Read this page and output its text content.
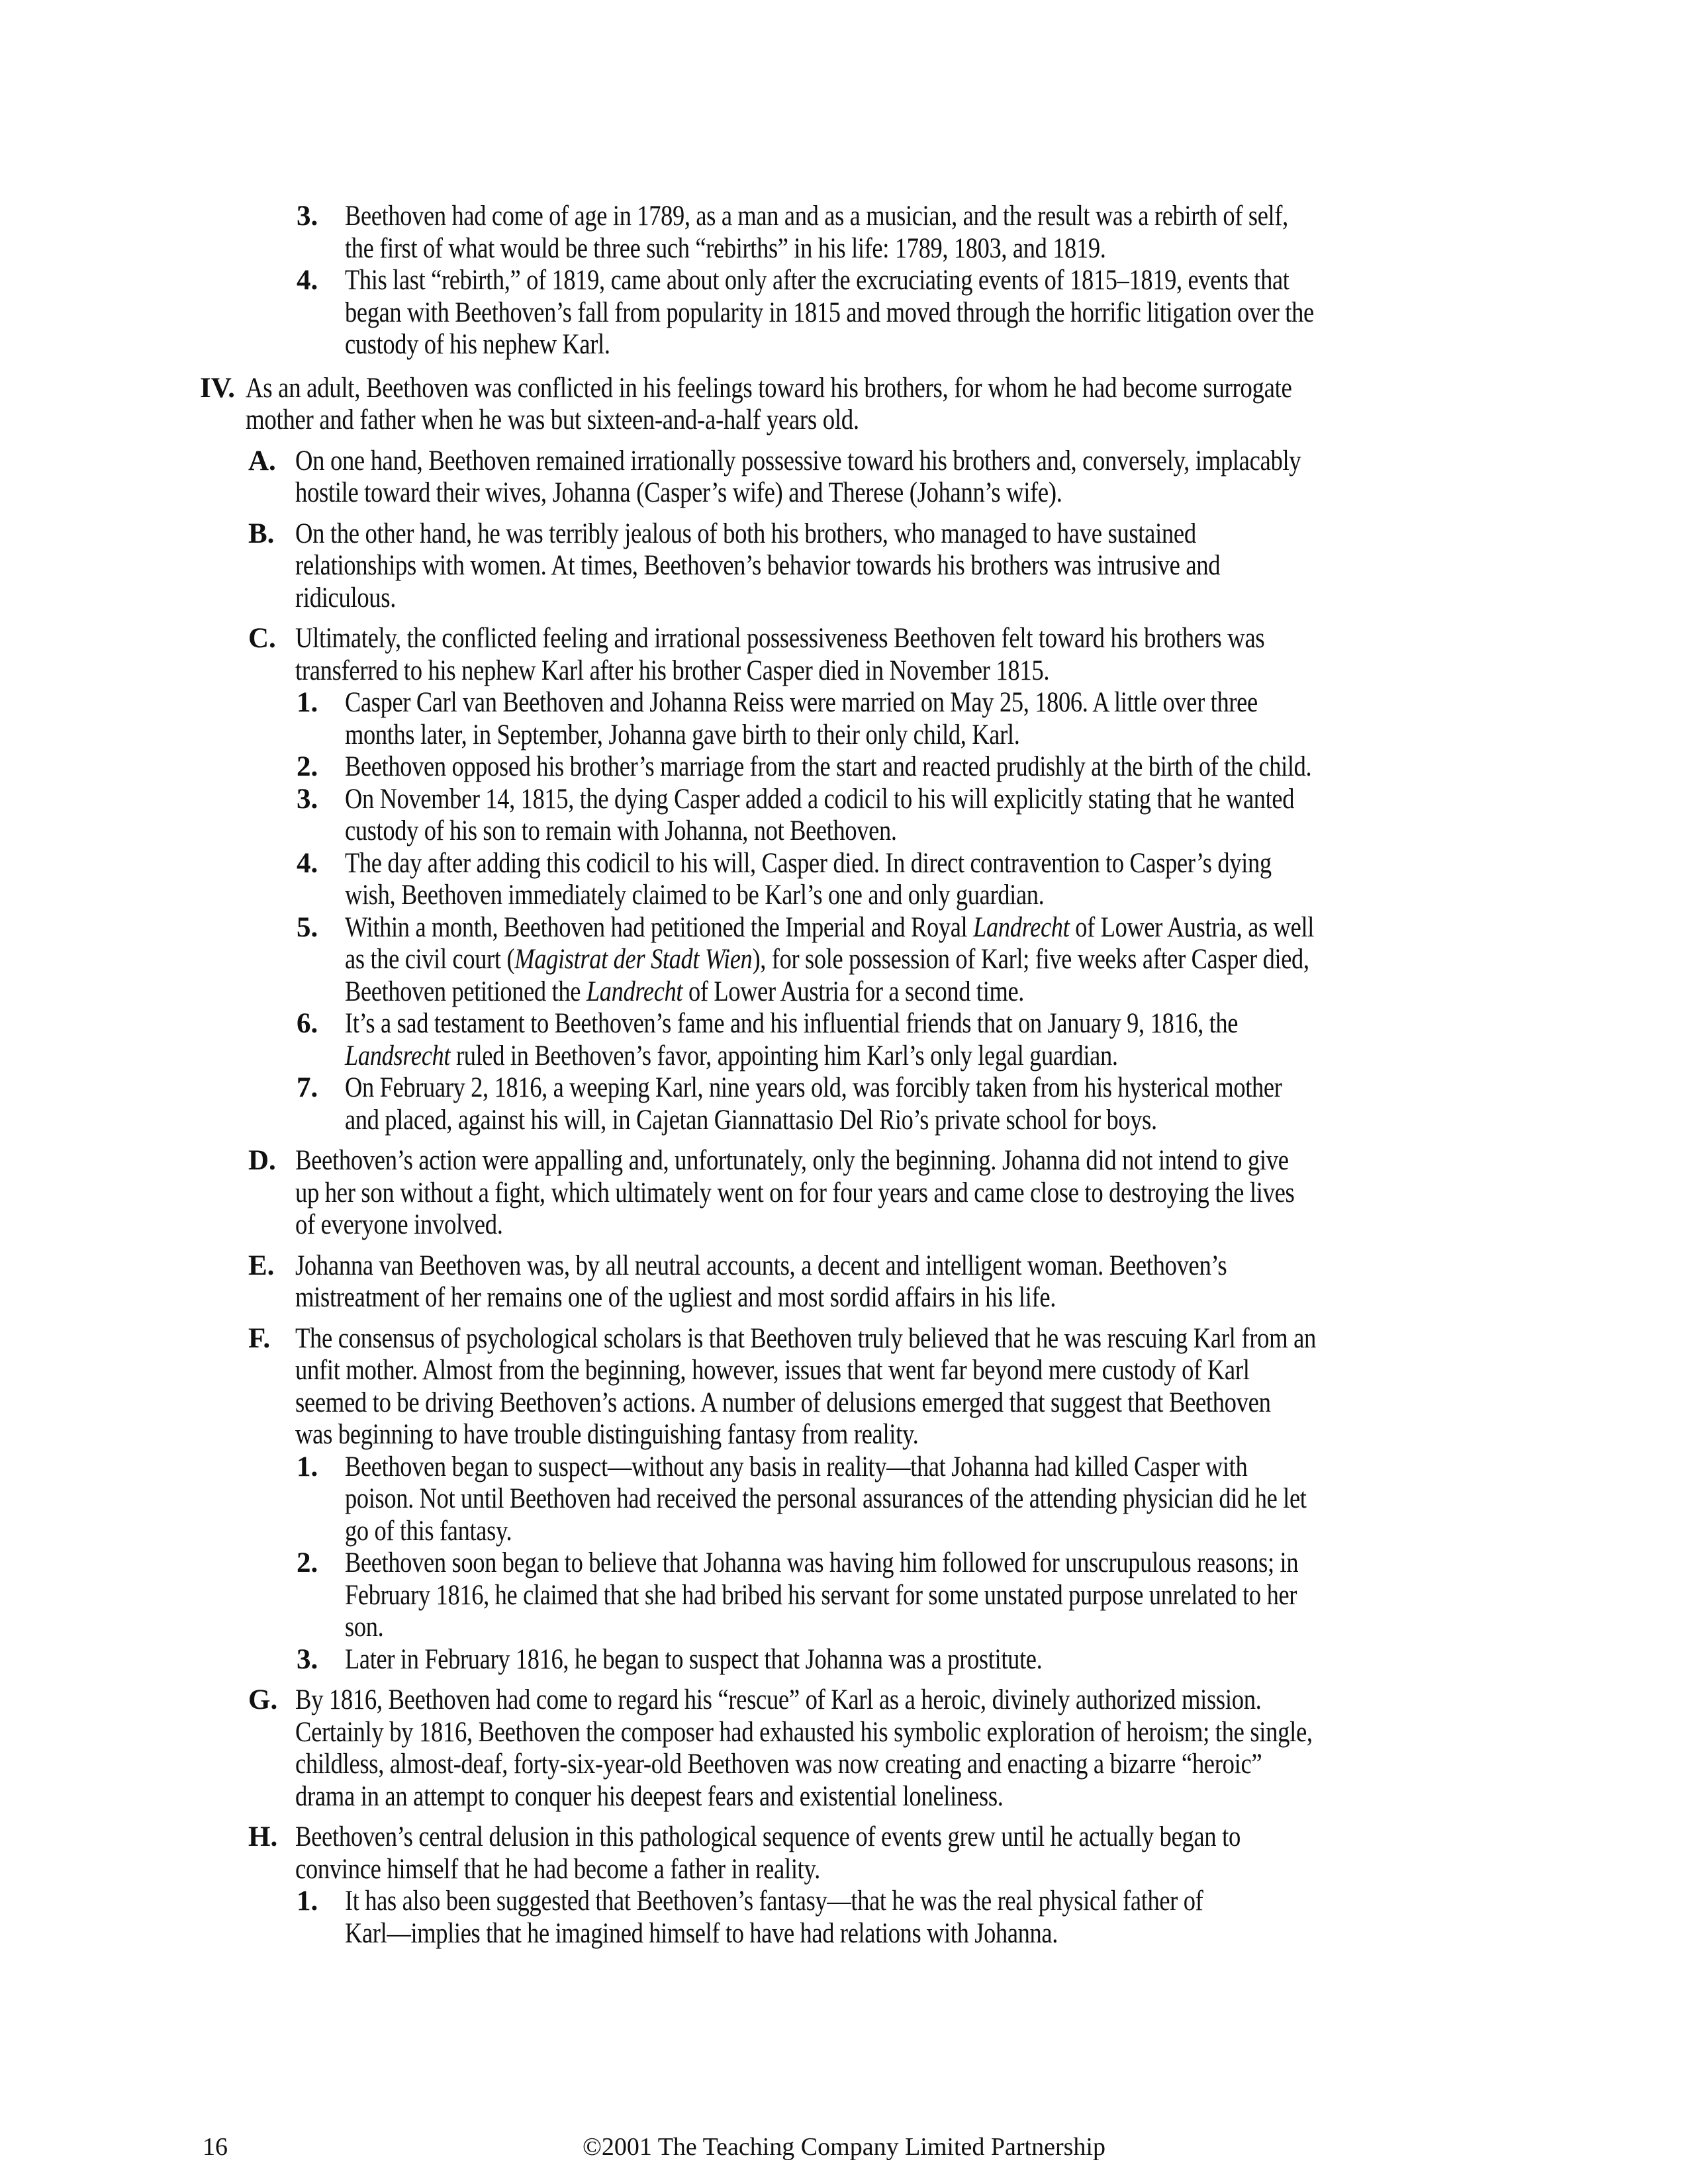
3. Beethoven had come of age in 1789, as a man and as a musician, and the result was a rebirth of self,
the first of what would be three such “rebirths” in his life: 1789, 1803, and 1819.
4. This last “rebirth,” of 1819, came about only after the excruciating events of 1815–1819, events that
began with Beethoven’s fall from popularity in 1815 and moved through the horrific litigation over the
custody of his nephew Karl.
IV. As an adult, Beethoven was conflicted in his feelings toward his brothers, for whom he had become surrogate
mother and father when he was but sixteen-and-a-half years old.
A. On one hand, Beethoven remained irrationally possessive toward his brothers and, conversely, implacably
hostile toward their wives, Johanna (Casper’s wife) and Therese (Johann’s wife).
B. On the other hand, he was terribly jealous of both his brothers, who managed to have sustained
relationships with women. At times, Beethoven’s behavior towards his brothers was intrusive and
ridiculous.
C. Ultimately, the conflicted feeling and irrational possessiveness Beethoven felt toward his brothers was
transferred to his nephew Karl after his brother Casper died in November 1815.
1. Casper Carl van Beethoven and Johanna Reiss were married on May 25, 1806. A little over three
months later, in September, Johanna gave birth to their only child, Karl.
2. Beethoven opposed his brother’s marriage from the start and reacted prudishly at the birth of the child.
3. On November 14, 1815, the dying Casper added a codicil to his will explicitly stating that he wanted
custody of his son to remain with Johanna, not Beethoven.
4. The day after adding this codicil to his will, Casper died. In direct contravention to Casper’s dying
wish, Beethoven immediately claimed to be Karl’s one and only guardian.
5. Within a month, Beethoven had petitioned the Imperial and Royal Landrecht of Lower Austria, as well
as the civil court (Magistrat der Stadt Wien), for sole possession of Karl; five weeks after Casper died,
Beethoven petitioned the Landrecht of Lower Austria for a second time.
6. It’s a sad testament to Beethoven’s fame and his influential friends that on January 9, 1816, the
Landsrecht ruled in Beethoven’s favor, appointing him Karl’s only legal guardian.
7. On February 2, 1816, a weeping Karl, nine years old, was forcibly taken from his hysterical mother
and placed, against his will, in Cajetan Giannattasio Del Rio’s private school for boys.
D. Beethoven’s action were appalling and, unfortunately, only the beginning. Johanna did not intend to give
up her son without a fight, which ultimately went on for four years and came close to destroying the lives
of everyone involved.
E. Johanna van Beethoven was, by all neutral accounts, a decent and intelligent woman. Beethoven’s
mistreatment of her remains one of the ugliest and most sordid affairs in his life.
F. The consensus of psychological scholars is that Beethoven truly believed that he was rescuing Karl from an
unfit mother. Almost from the beginning, however, issues that went far beyond mere custody of Karl
seemed to be driving Beethoven’s actions. A number of delusions emerged that suggest that Beethoven
was beginning to have trouble distinguishing fantasy from reality.
1. Beethoven began to suspect—without any basis in reality—that Johanna had killed Casper with
poison. Not until Beethoven had received the personal assurances of the attending physician did he let
go of this fantasy.
2. Beethoven soon began to believe that Johanna was having him followed for unscrupulous reasons; in
February 1816, he claimed that she had bribed his servant for some unstated purpose unrelated to her
son.
3. Later in February 1816, he began to suspect that Johanna was a prostitute.
G. By 1816, Beethoven had come to regard his “rescue” of Karl as a heroic, divinely authorized mission.
Certainly by 1816, Beethoven the composer had exhausted his symbolic exploration of heroism; the single,
childless, almost-deaf, forty-six-year-old Beethoven was now creating and enacting a bizarre “heroic”
drama in an attempt to conquer his deepest fears and existential loneliness.
H. Beethoven’s central delusion in this pathological sequence of events grew until he actually began to
convince himself that he had become a father in reality.
1. It has also been suggested that Beethoven’s fantasy—that he was the real physical father of
Karl—implies that he imagined himself to have had relations with Johanna.
16	©2001 The Teaching Company Limited Partnership
